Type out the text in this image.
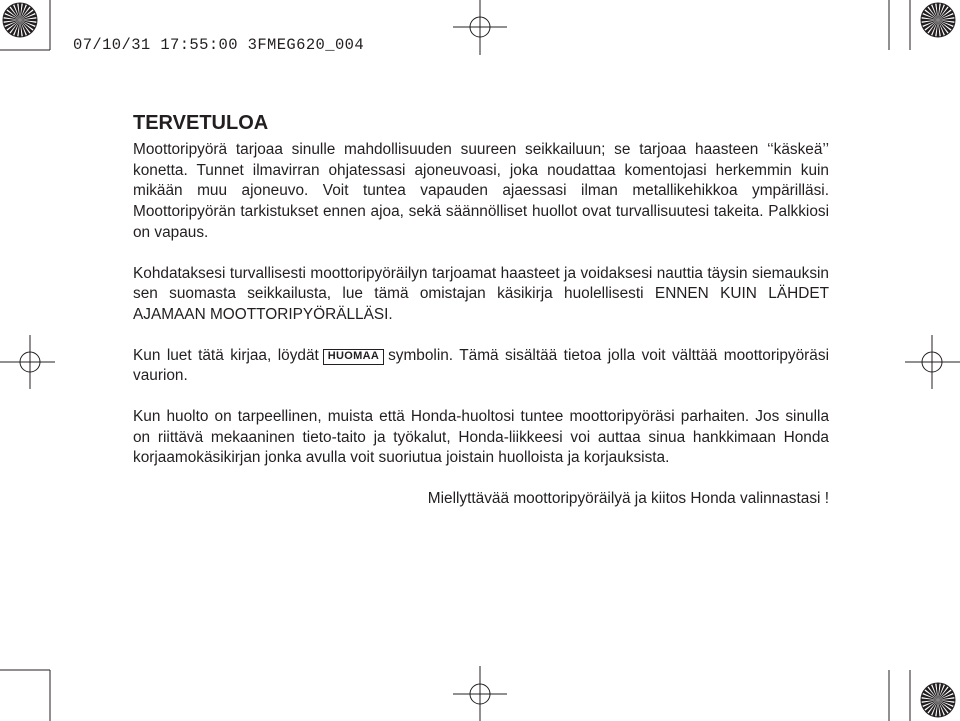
07/10/31 17:55:00 3FMEG620_004
TERVETULOA

Moottoripyörä tarjoaa sinulle mahdollisuuden suureen seikkailuun; se tarjoaa haasteen ‘‘käskeä’’ konetta. Tunnet ilmavirran ohjatessasi ajoneuvoasi, joka noudattaa komentojasi herkemmin kuin mikään muu ajoneuvo. Voit tuntea vapauden ajaessasi ilman metallikehikkoa ympärilläsi. Moottoripyörän tarkistukset ennen ajoa, sekä säännölliset huollot ovat turvallisuutesi takeita. Palkkiosi on vapaus.

Kohdataksesi turvallisesti moottoripyöräilyn tarjoamat haasteet ja voidaksesi nauttia täysin siemauksin sen suomasta seikkailusta, lue tämä omistajan käsikirja huolellisesti ENNEN KUIN LÄHDET AJAMAAN MOOTTORIPYÖRÄLLÄSI.

Kun luet tätä kirjaa, löydät HUOMAA symbolin. Tämä sisältää tietoa jolla voit välttää moottoripyöräsi vaurion.

Kun huolto on tarpeellinen, muista että Honda-huoltosi tuntee moottoripyöräsi parhaiten. Jos sinulla on riittävä mekaaninen tieto-taito ja työkalut, Honda-liikkeesi voi auttaa sinua hankkimaan Honda korjaamokäsikirjan jonka avulla voit suoriutua joistain huolloista ja korjauksista.

Miellyttävää moottoripyöräilyä ja kiitos Honda valinnastasi !
